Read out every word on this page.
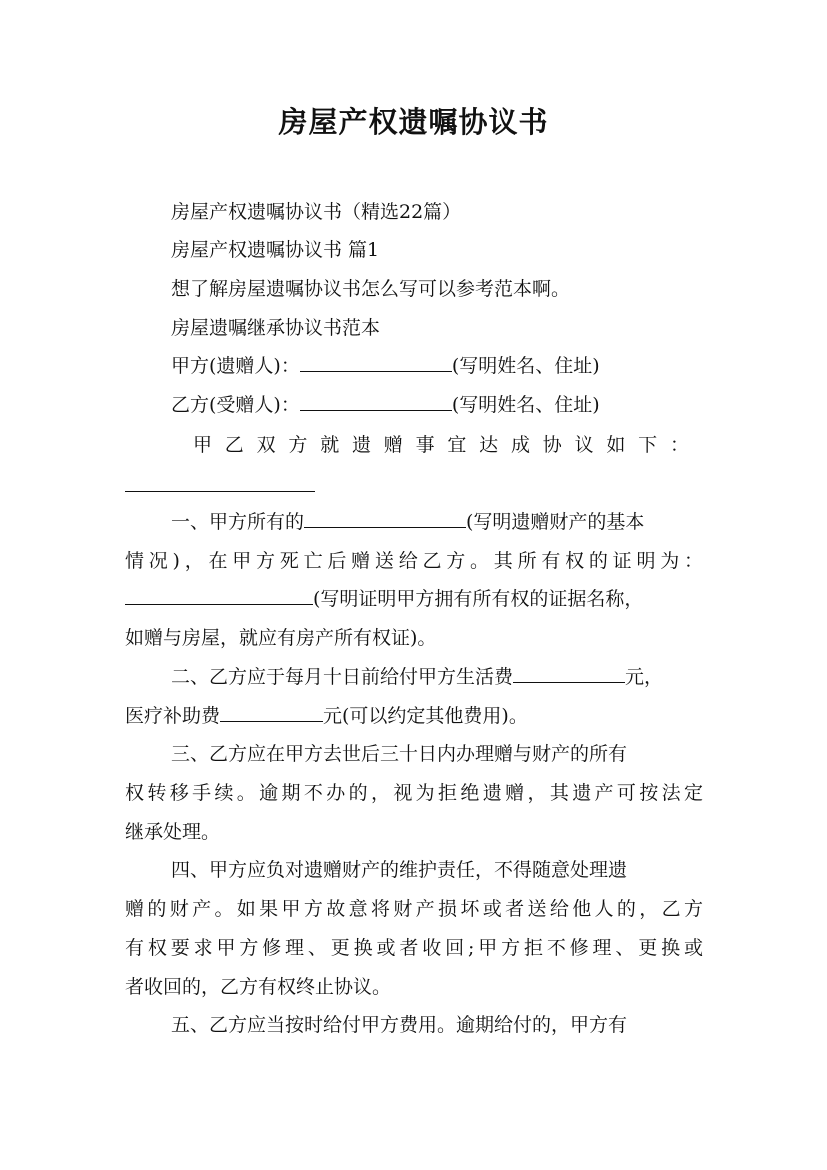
房屋产权遗嘱协议书
房屋产权遗嘱协议书（精选22篇）
房屋产权遗嘱协议书 篇1
想了解房屋遗嘱协议书怎么写可以参考范本啊。
房屋遗嘱继承协议书范本
甲方(遗赠人)：	(写明姓名、住址)
乙方(受赠人)：	(写明姓名、住址)
甲 乙 双 方 就 遗 赠 事 宜 达 成 协 议 如 下 ：
一、甲方所有的	(写明遗赠财产的基本
情况)，在甲方死亡后赠送给乙方。其所有权的证明为：
(写明证明甲方拥有所有权的证据名称，
如赠与房屋，就应有房产所有权证)。
二、乙方应于每月十日前给付甲方生活费	元，
医疗补助费	元(可以约定其他费用)。
三、乙方应在甲方去世后三十日内办理赠与财产的所有
权转移手续。逾期不办的，视为拒绝遗赠，其遗产可按法定
继承处理。
四、甲方应负对遗赠财产的维护责任，不得随意处理遗
赠的财产。如果甲方故意将财产损坏或者送给他人的，乙方
有权要求甲方修理、更换或者收回;甲方拒不修理、更换或
者收回的，乙方有权终止协议。
五、乙方应当按时给付甲方费用。逾期给付的，甲方有
